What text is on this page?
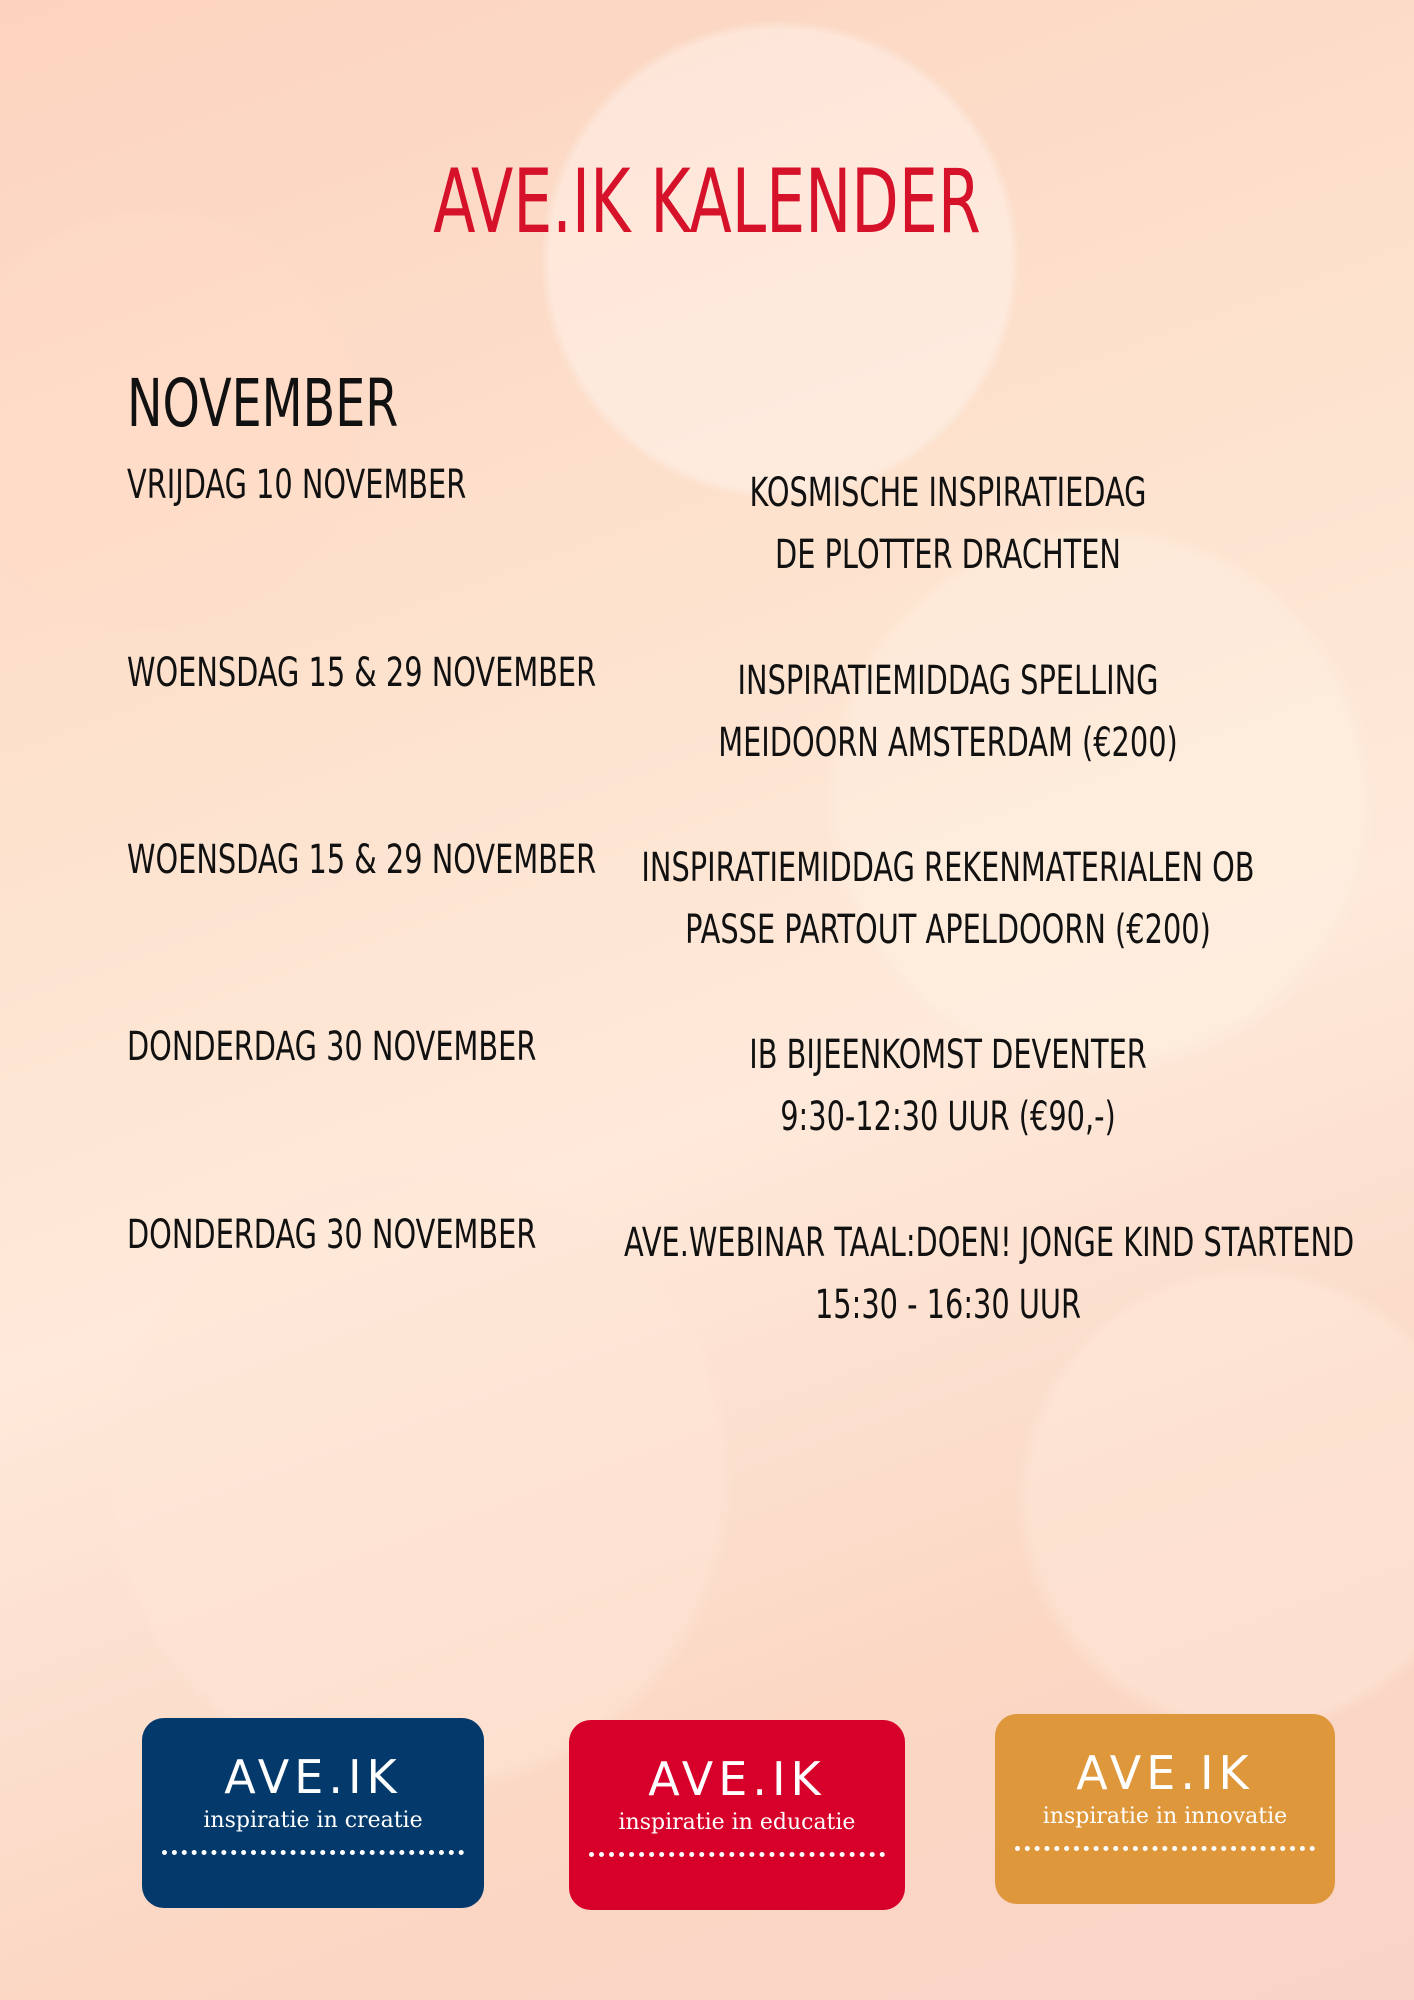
AVE.IK KALENDER
NOVEMBER
VRIJDAG 10 NOVEMBER	KOSMISCHE INSPIRATIEDAG
DE PLOTTER DRACHTEN
WOENSDAG 15 & 29 NOVEMBER	INSPIRATIEMIDDAG SPELLING
MEIDOORN AMSTERDAM (€200)
WOENSDAG 15 & 29 NOVEMBER	INSPIRATIEMIDDAG REKENMATERIALEN OB
PASSE PARTOUT APELDOORN (€200)
DONDERDAG 30 NOVEMBER	IB BIJEENKOMST DEVENTER
9:30-12:30 UUR (€90,-)
DONDERDAG 30 NOVEMBER AVE.WEBINAR TAAL:DOEN! JONGE KIND STARTEND
15:30 - 16:30 UUR
AVE.IK
inspiratie in creatie
AVE.IK
inspiratie in educatie
AVE.IK
inspiratie in innovatie
